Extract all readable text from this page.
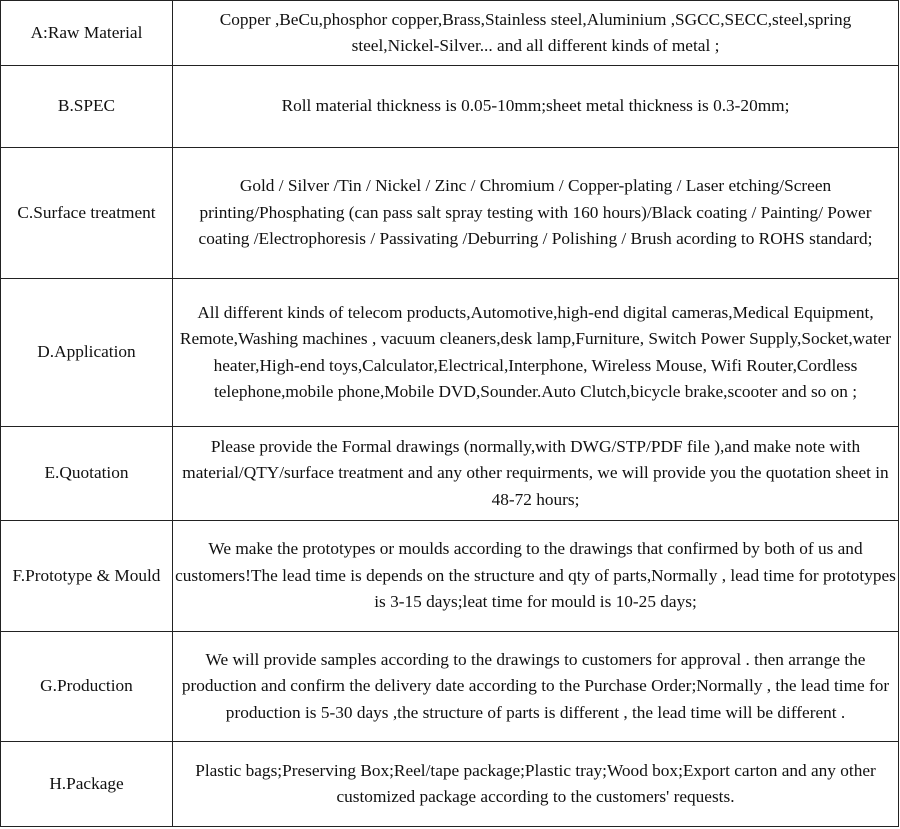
A:Raw Material	Copper ,BeCu,phosphor copper,Brass,Stainless steel,Aluminium ,SGCC,SECC,steel,spring steel,Nickel-Silver... and all different kinds of metal ;
B.SPEC	Roll material thickness is 0.05-10mm;sheet metal thickness is 0.3-20mm;
C.Surface treatment	Gold / Silver /Tin / Nickel / Zinc / Chromium / Copper-plating / Laser etching/Screen printing/Phosphating (can pass salt spray testing with 160 hours)/Black coating / Painting/ Power coating /Electrophoresis / Passivating /Deburring / Polishing / Brush acording to ROHS standard;
D.Application	All different kinds of telecom products,Automotive,high-end digital cameras,Medical Equipment, Remote,Washing machines , vacuum cleaners,desk lamp,Furniture, Switch Power Supply,Socket,water heater,High-end toys,Calculator,Electrical,Interphone, Wireless Mouse, Wifi Router,Cordless telephone,mobile phone,Mobile DVD,Sounder.Auto Clutch,bicycle brake,scooter and so on ;
E.Quotation	Please provide the Formal drawings (normally,with DWG/STP/PDF file ),and make note with material/QTY/surface treatment and any other requirments, we will provide you the quotation sheet in 48-72 hours;
F.Prototype & Mould	We make the prototypes or moulds according to the drawings that confirmed by both of us and customers!The lead time is depends on the structure and qty of parts,Normally , lead time for prototypes is 3-15 days;leat time for mould is 10-25 days;
G.Production	We will provide samples according to the drawings to customers for approval . then arrange the production and confirm the delivery date according to the Purchase Order;Normally , the lead time for production is 5-30 days ,the structure of parts is different , the lead time will be different .
H.Package	Plastic bags;Preserving Box;Reel/tape package;Plastic tray;Wood box;Export carton and any other customized package according to the customers' requests.
